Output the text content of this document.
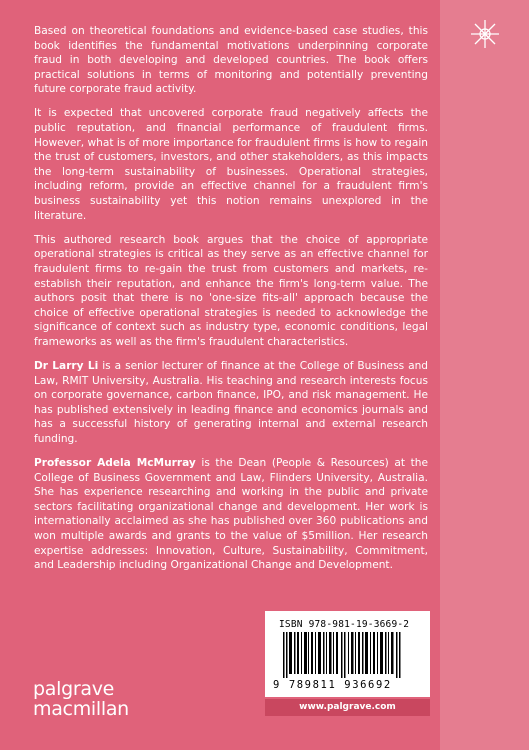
Based on theoretical foundations and evidence-based case studies, this book identifies the fundamental motivations underpinning corporate fraud in both developing and developed countries. The book offers practical solutions in terms of monitoring and potentially preventing future corporate fraud activity.

It is expected that uncovered corporate fraud negatively affects the public reputation, and financial performance of fraudulent firms. However, what is of more importance for fraudulent firms is how to regain the trust of customers, investors, and other stakeholders, as this impacts the long-term sustainability of businesses. Operational strategies, including reform, provide an effective channel for a fraudulent firm's business sustainability yet this notion remains unexplored in the literature.

This authored research book argues that the choice of appropriate operational strategies is critical as they serve as an effective channel for fraudulent firms to re-gain the trust from customers and markets, re-establish their reputation, and enhance the firm's long-term value. The authors posit that there is no 'one-size fits-all' approach because the choice of effective operational strategies is needed to acknowledge the significance of context such as industry type, economic conditions, legal frameworks as well as the firm's fraudulent characteristics.

Dr Larry Li is a senior lecturer of finance at the College of Business and Law, RMIT University, Australia. His teaching and research interests focus on corporate governance, carbon finance, IPO, and risk management. He has published extensively in leading finance and economics journals and has a successful history of generating internal and external research funding.

Professor Adela McMurray is the Dean (People & Resources) at the College of Business Government and Law, Flinders University, Australia. She has experience researching and working in the public and private sectors facilitating organizational change and development. Her work is internationally acclaimed as she has published over 360 publications and won multiple awards and grants to the value of $5million. Her research expertise addresses: Innovation, Culture, Sustainability, Commitment, and Leadership including Organizational Change and Development.

ISBN 978-981-19-3669-2
9 789811 936692
www.palgrave.com
palgrave
macmillan
